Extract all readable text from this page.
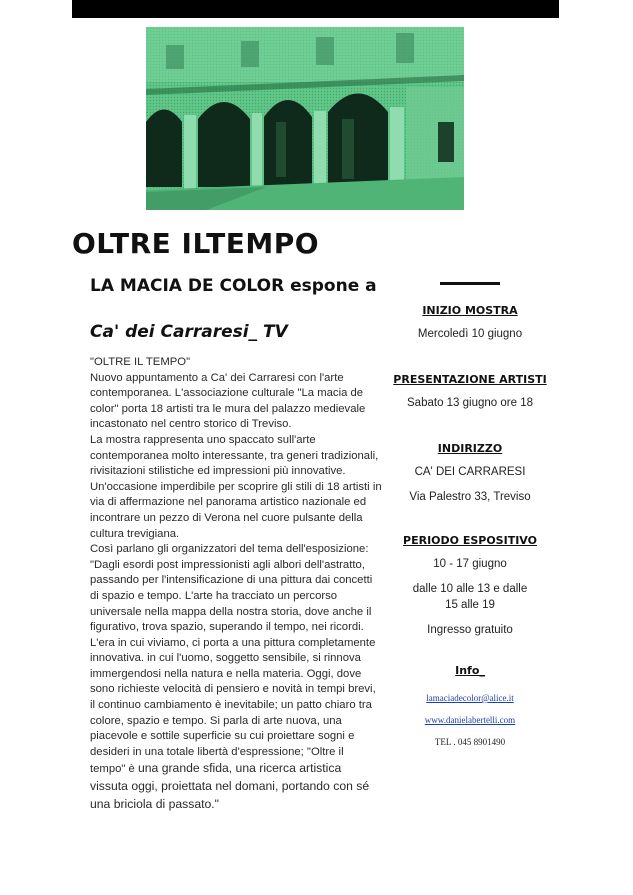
OLTRE ILTEMPO
LA MACIA DE COLOR espone a
Ca' dei Carraresi_ TV

"OLTRE IL TEMPO"

Nuovo appuntamento a Ca' dei Carraresi con l'arte contemporanea. L'associazione culturale "La macia de color" porta 18 artisti tra le mura del palazzo medievale incastonato nel centro storico di Treviso.

La mostra rappresenta uno spaccato sull'arte contemporanea molto interessante, tra generi tradizionali, rivisitazioni stilistiche ed impressioni più innovative.

Un'occasione imperdibile per scoprire gli stili di 18 artisti in via di affermazione nel panorama artistico nazionale ed incontrare un pezzo di Verona nel cuore pulsante della cultura trevigiana.

Così parlano gli organizzatori del tema dell'esposizione: "Dagli esordi post impressionisti agli albori dell'astratto, passando per l'intensificazione di una pittura dai concetti di spazio e tempo. L'arte ha tracciato un percorso universale nella mappa della nostra storia, dove anche il figurativo, trova spazio, superando il tempo, nei ricordi. L'era in cui viviamo, ci porta a una pittura completamente innovativa. in cui l'uomo, soggetto sensibile, si rinnova immergendosi nella natura e nella materia. Oggi, dove sono richieste velocità di pensiero e novità in tempi brevi, il continuo cambiamento è inevitabile; un patto chiaro tra colore, spazio e tempo. Si parla di arte nuova, una piacevole e sottile superficie su cui proiettare sogni e desideri in una totale libertà d'espressione; "Oltre il tempo" è una grande sfida, una ricerca artistica vissuta oggi, proiettata nel domani, portando con sé una briciola di passato."

INIZIO MOSTRA
Mercoledì 10 giugno
PRESENTAZIONE ARTISTI
Sabato 13 giugno ore 18
INDIRIZZO
CA' DEI CARRARESI
Via Palestro 33, Treviso
PERIODO ESPOSITIVO
10 - 17 giugno
dalle 10 alle 13 e dalle 15 alle 19
Ingresso gratuito
Info_
lamaciadecolor@alice.it
www.danielabertelli.com
TEL . 045 8901490
